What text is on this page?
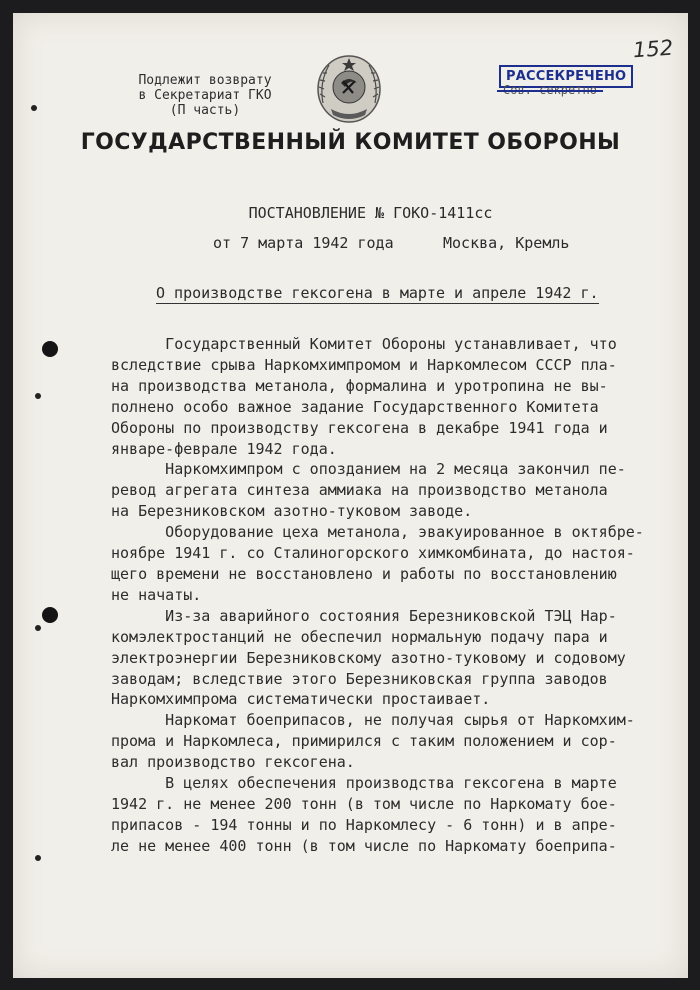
152
Подлежит возврату
в Секретариат ГКО
(П часть)
РАССЕКРЕЧЕНО
Сов. секретно
ГОСУДАРСТВЕННЫЙ КОМИТЕТ ОБОРОНЫ
ПОСТАНОВЛЕНИЕ № ГОКО-1411сс
от 7 марта 1942 года	Москва, Кремль
О производстве гексогена в марте и апреле 1942 г.
Государственный Комитет Обороны устанавливает, что
вследствие срыва Наркомхимпромом и Наркомлесом СССР пла-
на производства метанола, формалина и уротропина не вы-
полнено особо важное задание Государственного Комитета
Обороны по производству гексогена в декабре 1941 года и
январе-феврале 1942 года.
Наркомхимпром с опозданием на 2 месяца закончил пе-
ревод агрегата синтеза аммиака на производство метанола
на Березниковском азотно-туковом заводе.
Оборудование цеха метанола, эвакуированное в октябре-
ноябре 1941 г. со Сталиногорского химкомбината, до настоя-
щего времени не восстановлено и работы по восстановлению
не начаты.
Из-за аварийного состояния Березниковской ТЭЦ Нар-
комэлектростанций не обеспечил нормальную подачу пара и
электроэнергии Березниковскому азотно-туковому и содовому
заводам; вследствие этого Березниковская группа заводов
Наркомхимпрома систематически простаивает.
Наркомат боеприпасов, не получая сырья от Наркомхим-
прома и Наркомлеса, примирился с таким положением и сор-
вал производство гексогена.
В целях обеспечения производства гексогена в марте
1942 г. не менее 200 тонн (в том числе по Наркомату бое-
припасов - 194 тонны и по Наркомлесу - 6 тонн) и в апре-
ле не менее 400 тонн (в том числе по Наркомату боеприпа-
